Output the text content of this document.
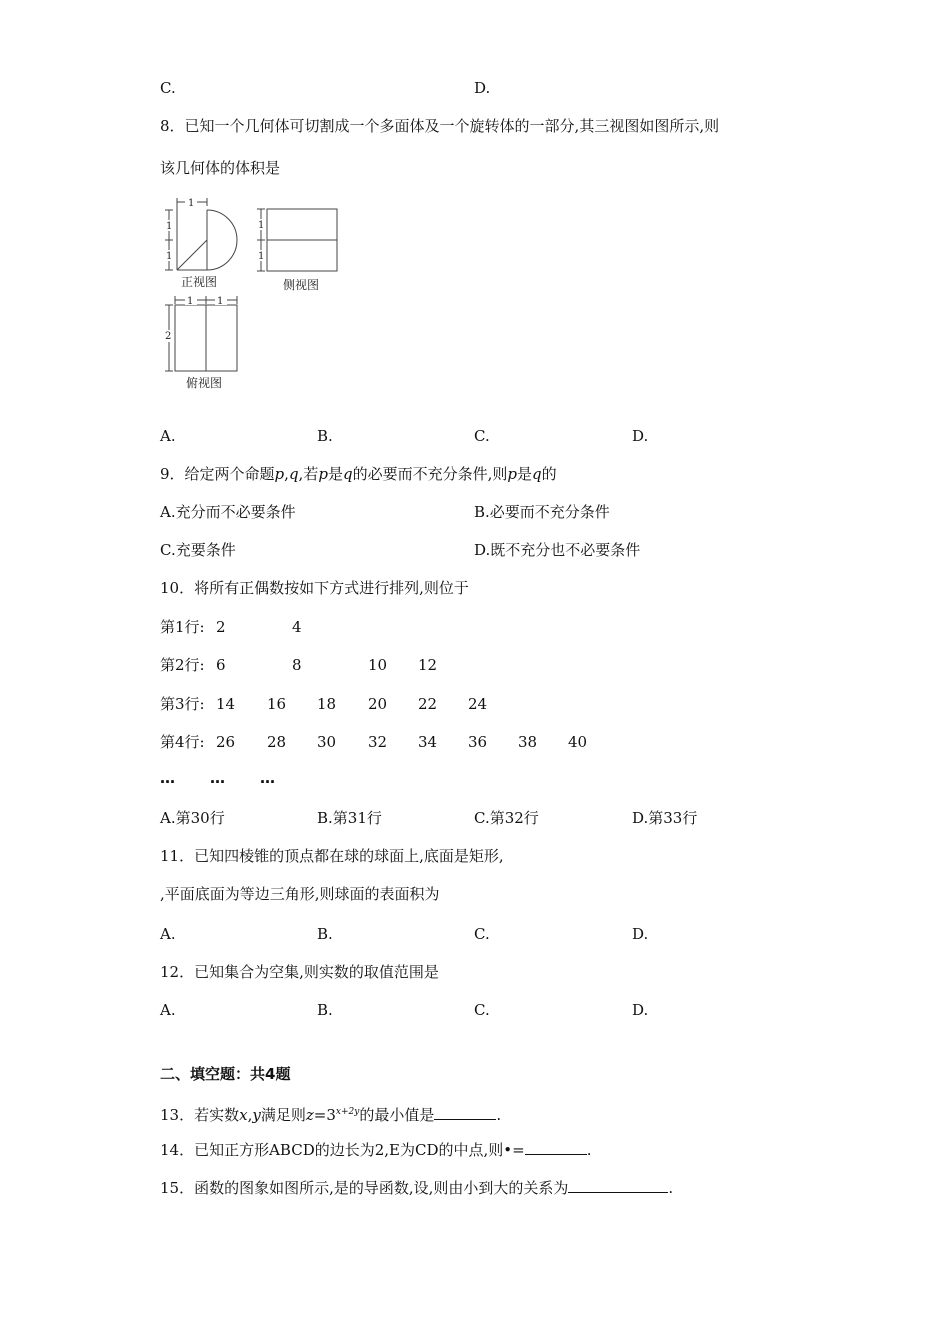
C.	D.
8．已知一个几何体可切割成一个多面体及一个旋转体的一部分,其三视图如图所示,则
该几何体的体积是
1
1
1
1
1
1 1
2
正视图	侧视图
俯视图
A.	B.	C.	D.
9．给定两个命题p,q,若p是q的必要而不充分条件,则p是q的
A.充分而不必要条件	B.必要而不充分条件
C.充要条件	D.既不充分也不必要条件
10．将所有正偶数按如下方式进行排列,则位于
第1行: 2	4
第2行: 6	8	10 12
第3行: 14 16 18 20 22 24
第4行: 26 28 30 32 34 36 38 40
… … …
A.第30行	B.第31行	C.第32行	D.第33行
11．已知四棱锥的顶点都在球的球面上,底面是矩形,
,平面底面为等边三角形,则球面的表面积为
A.	B.	C.	D.
12．已知集合为空集,则实数的取值范围是
A.	B.	C.	D.
二、填空题：共4题
13．若实数x,y满足则$z=3^{x+2y}$的最小值是	.
14．已知正方形ABCD的边长为2,E为CD的中点,则•=	.
15．函数的图象如图所示,是的导函数,设,则由小到大的关系为	.
